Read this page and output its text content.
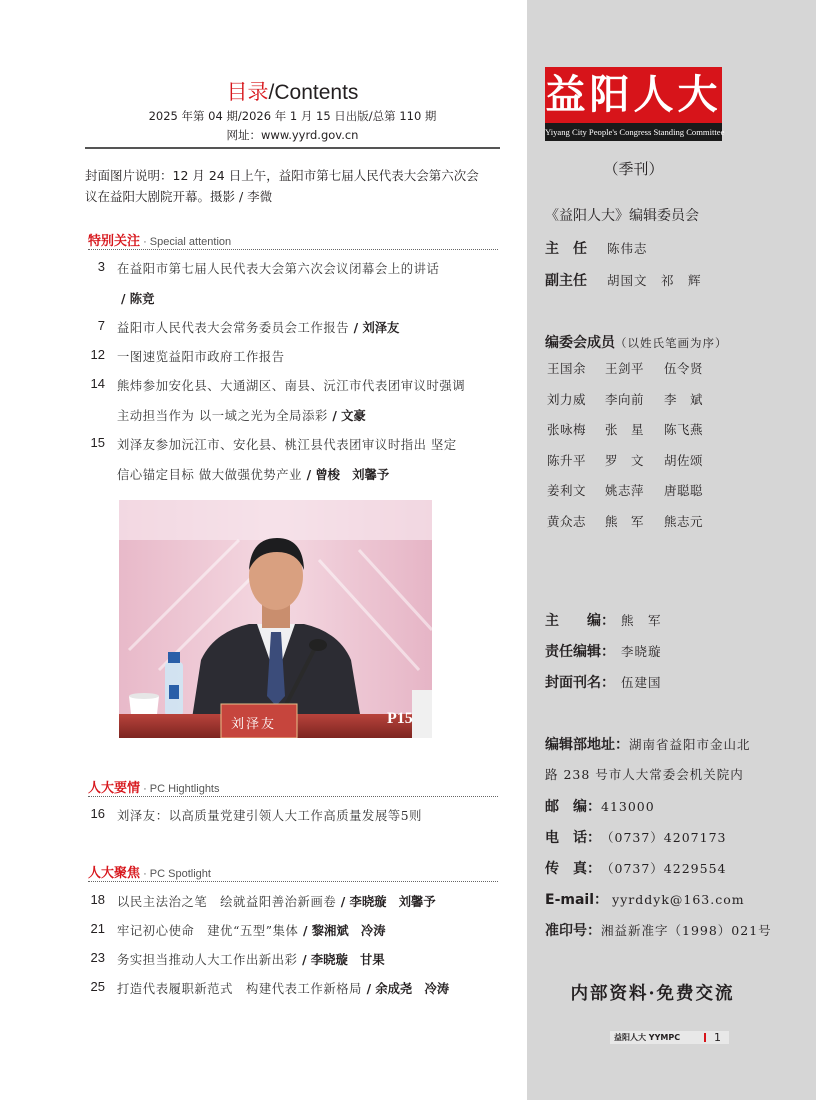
益阳人大
Yiyang City People's Congress Standing Committee
（季刊）
《益阳人大》编辑委员会
主　任 陈伟志
副主任 胡国文　祁　辉
编委会成员（以姓氏笔画为序）
王国余	王剑平	伍令贤
刘力威	李向前	李　斌
张咏梅	张　星	陈飞燕
陈升平	罗　文	胡佐颂
姜利文	姚志萍	唐聪聪
黄众志	熊　军	熊志元
主　　编： 熊　军
责任编辑： 李晓璇
封面刊名： 伍建国
编辑部地址：湖南省益阳市金山北
路 238 号市人大常委会机关院内
邮　编：413000
电　话：（0737）4207173
传　真：（0737）4229554
E-mail： yyrddyk@163.com
准印号：湘益新准字（1998）021号
内部资料·免费交流
益阳人大 YYMPC	1
目录/Contents
2025 年第 04 期/2026 年 1 月 15 日出版/总第 110 期
网址：www.yyrd.gov.cn
封面图片说明：12 月 24 日上午，益阳市第七届人民代表大会第六次会
议在益阳大剧院开幕。摄影 / 李微
特别关注 · Special attention
3 在益阳市第七届人民代表大会第六次会议闭幕会上的讲话
/ 陈竞
7 益阳市人民代表大会常务委员会工作报告 / 刘泽友
12 一图速览益阳市政府工作报告
14 熊炜参加安化县、大通湖区、南县、沅江市代表团审议时强调
主动担当作为 以一域之光为全局添彩 / 文豪
15 刘泽友参加沅江市、安化县、桃江县代表团审议时指出 坚定
信心锚定目标 做大做强优势产业 / 曾梭　刘馨予
刘泽友	P15
人大要情 · PC Hightlights
16 刘泽友：以高质量党建引领人大工作高质量发展等5则
人大聚焦 · PC Spotlight
18 以民主法治之笔　绘就益阳善治新画卷 / 李晓璇　刘馨予
21 牢记初心使命　建优“五型”集体 / 黎湘斌　冷涛
23 务实担当推动人大工作出新出彩 / 李晓璇　甘果
25 打造代表履职新范式　构建代表工作新格局 / 余成尧　冷涛
